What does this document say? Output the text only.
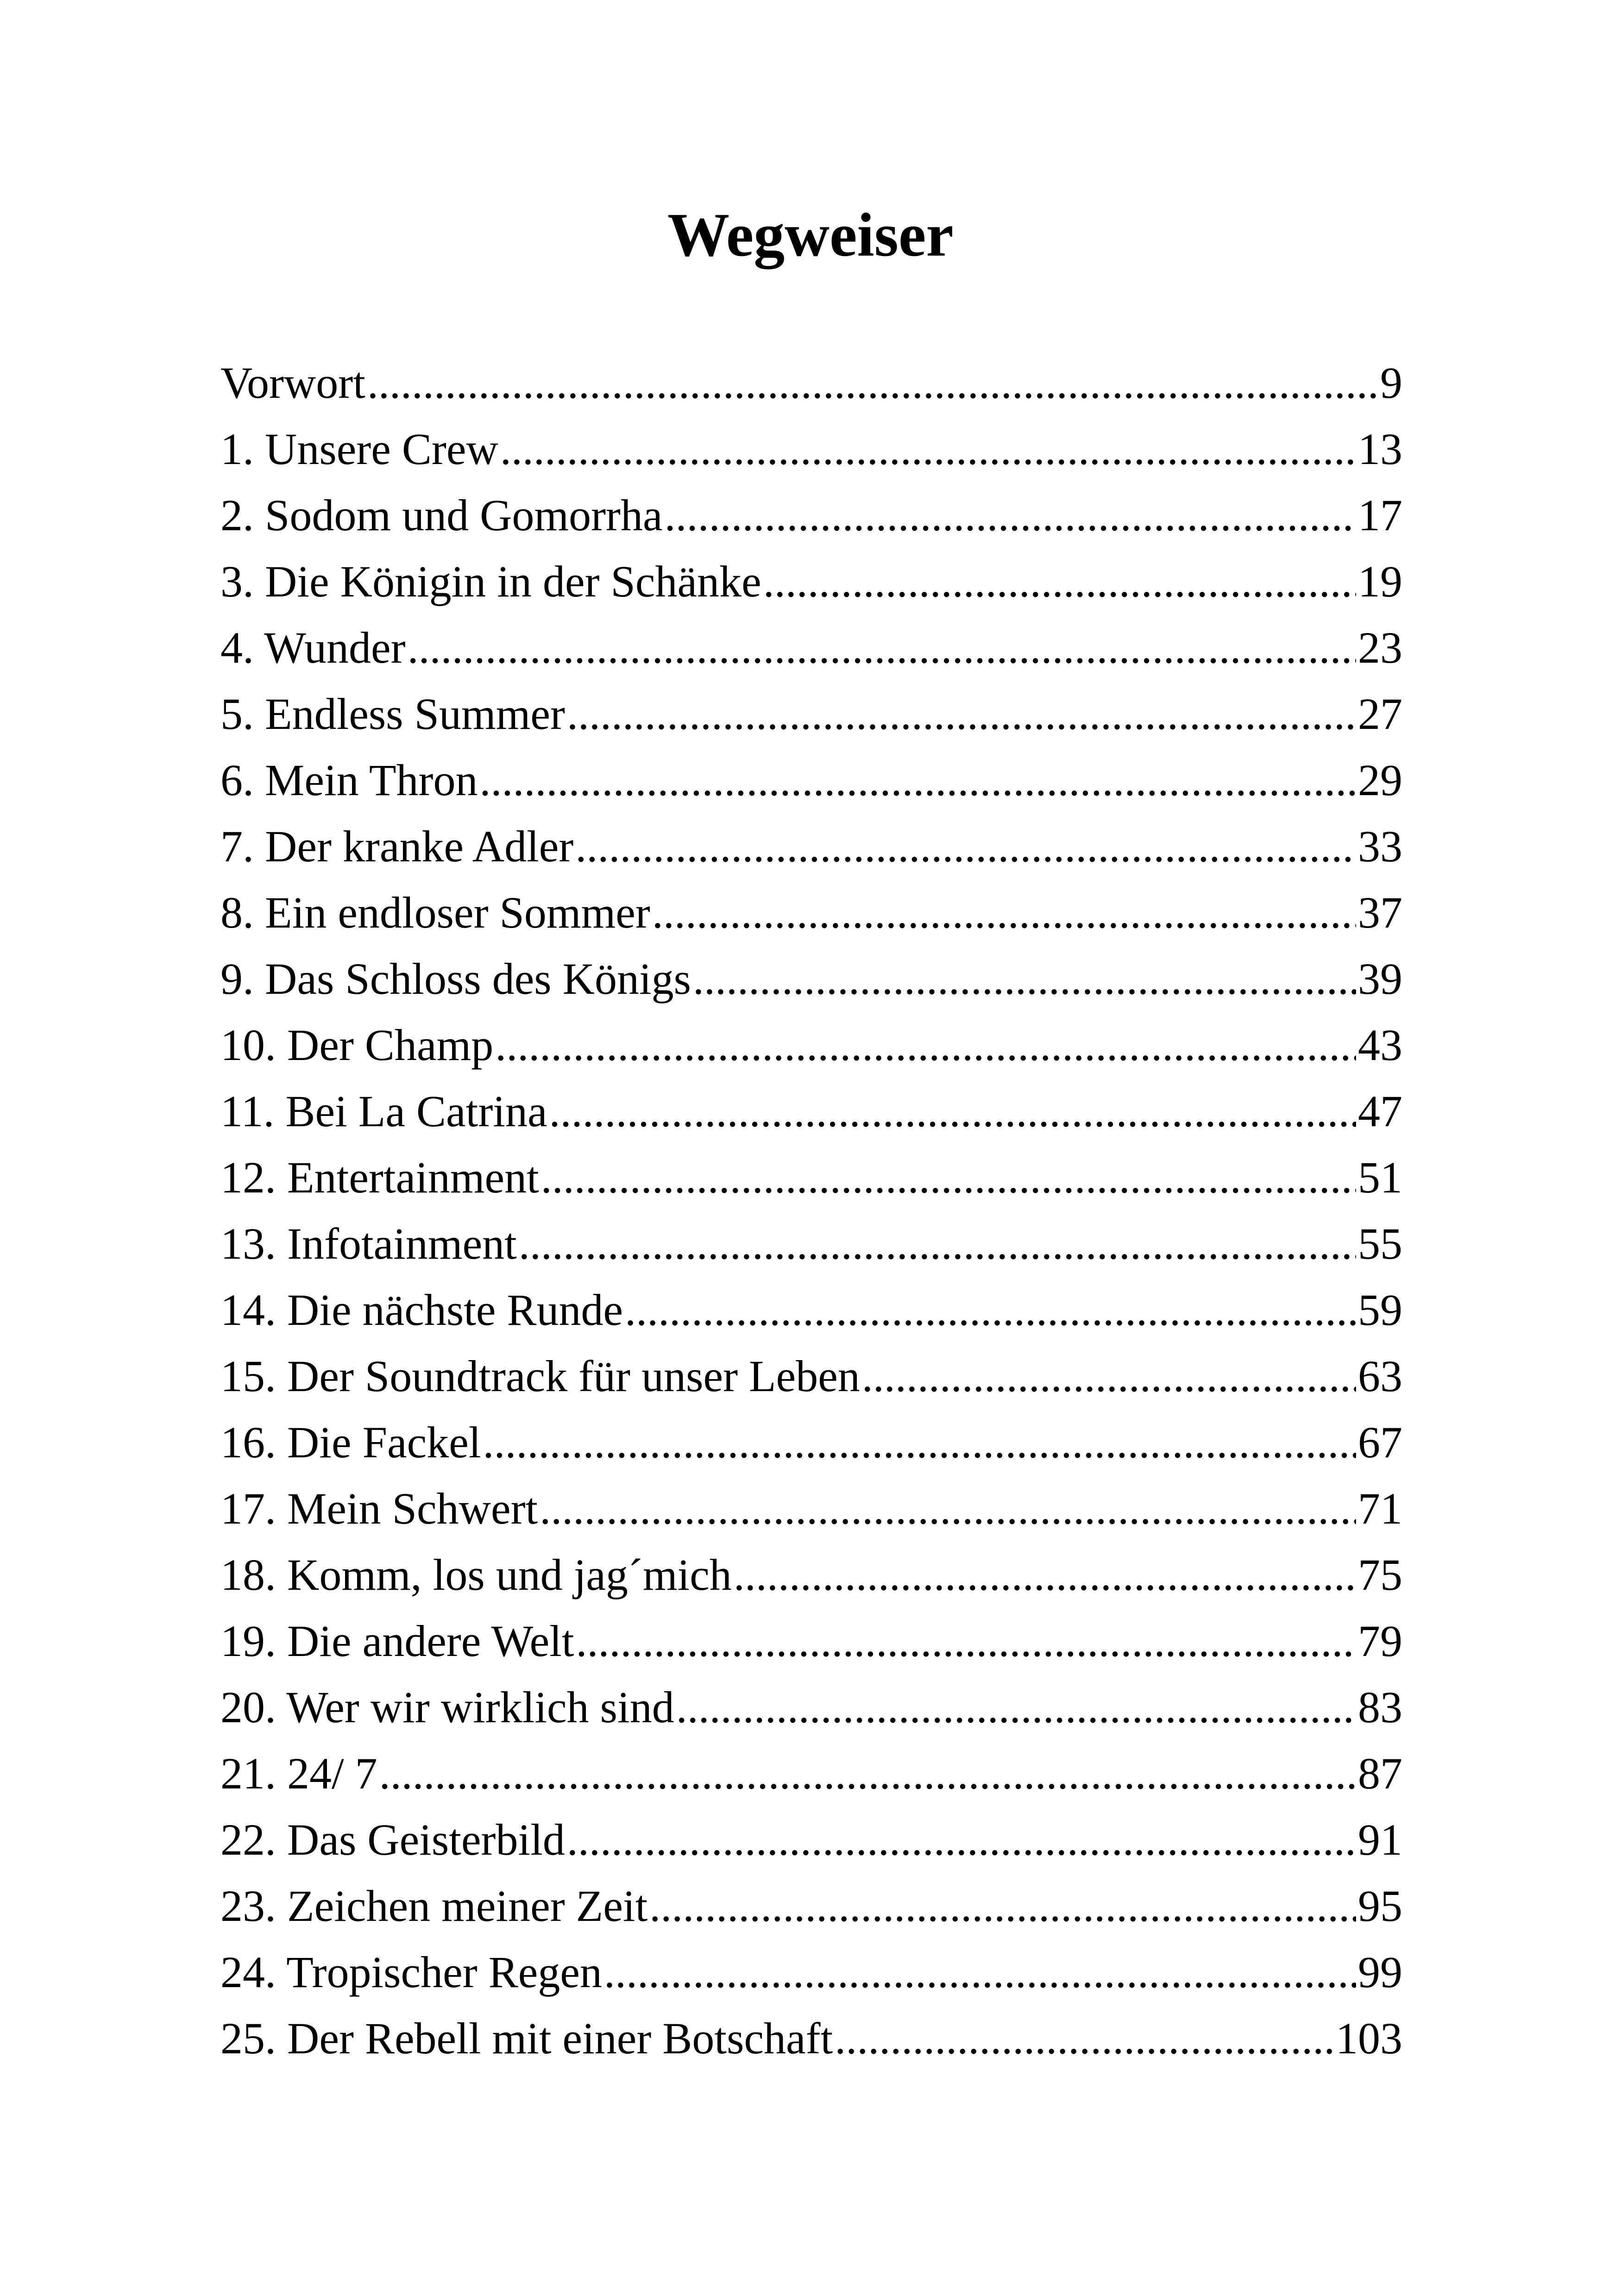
Wegweiser
Vorwort .....	9
1. Unsere Crew .....	13
2. Sodom und Gomorrha .....	17
3. Die Königin in der Schänke .....	19
4. Wunder .....	23
5. Endless Summer .....	27
6. Mein Thron .....	29
7. Der kranke Adler .....	33
8. Ein endloser Sommer .....	37
9. Das Schloss des Königs .....	39
10. Der Champ .....	43
11. Bei La Catrina .....	47
12. Entertainment .....	51
13. Infotainment .....	55
14. Die nächste Runde .....	59
15. Der Soundtrack für unser Leben .....	63
16. Die Fackel .....	67
17. Mein Schwert .....	71
18. Komm, los und jag´mich .....	75
19. Die andere Welt .....	79
20. Wer wir wirklich sind .....	83
21. 24/ 7 .....	87
22. Das Geisterbild .....	91
23. Zeichen meiner Zeit .....	95
24. Tropischer Regen .....	99
25. Der Rebell mit einer Botschaft .....	103
